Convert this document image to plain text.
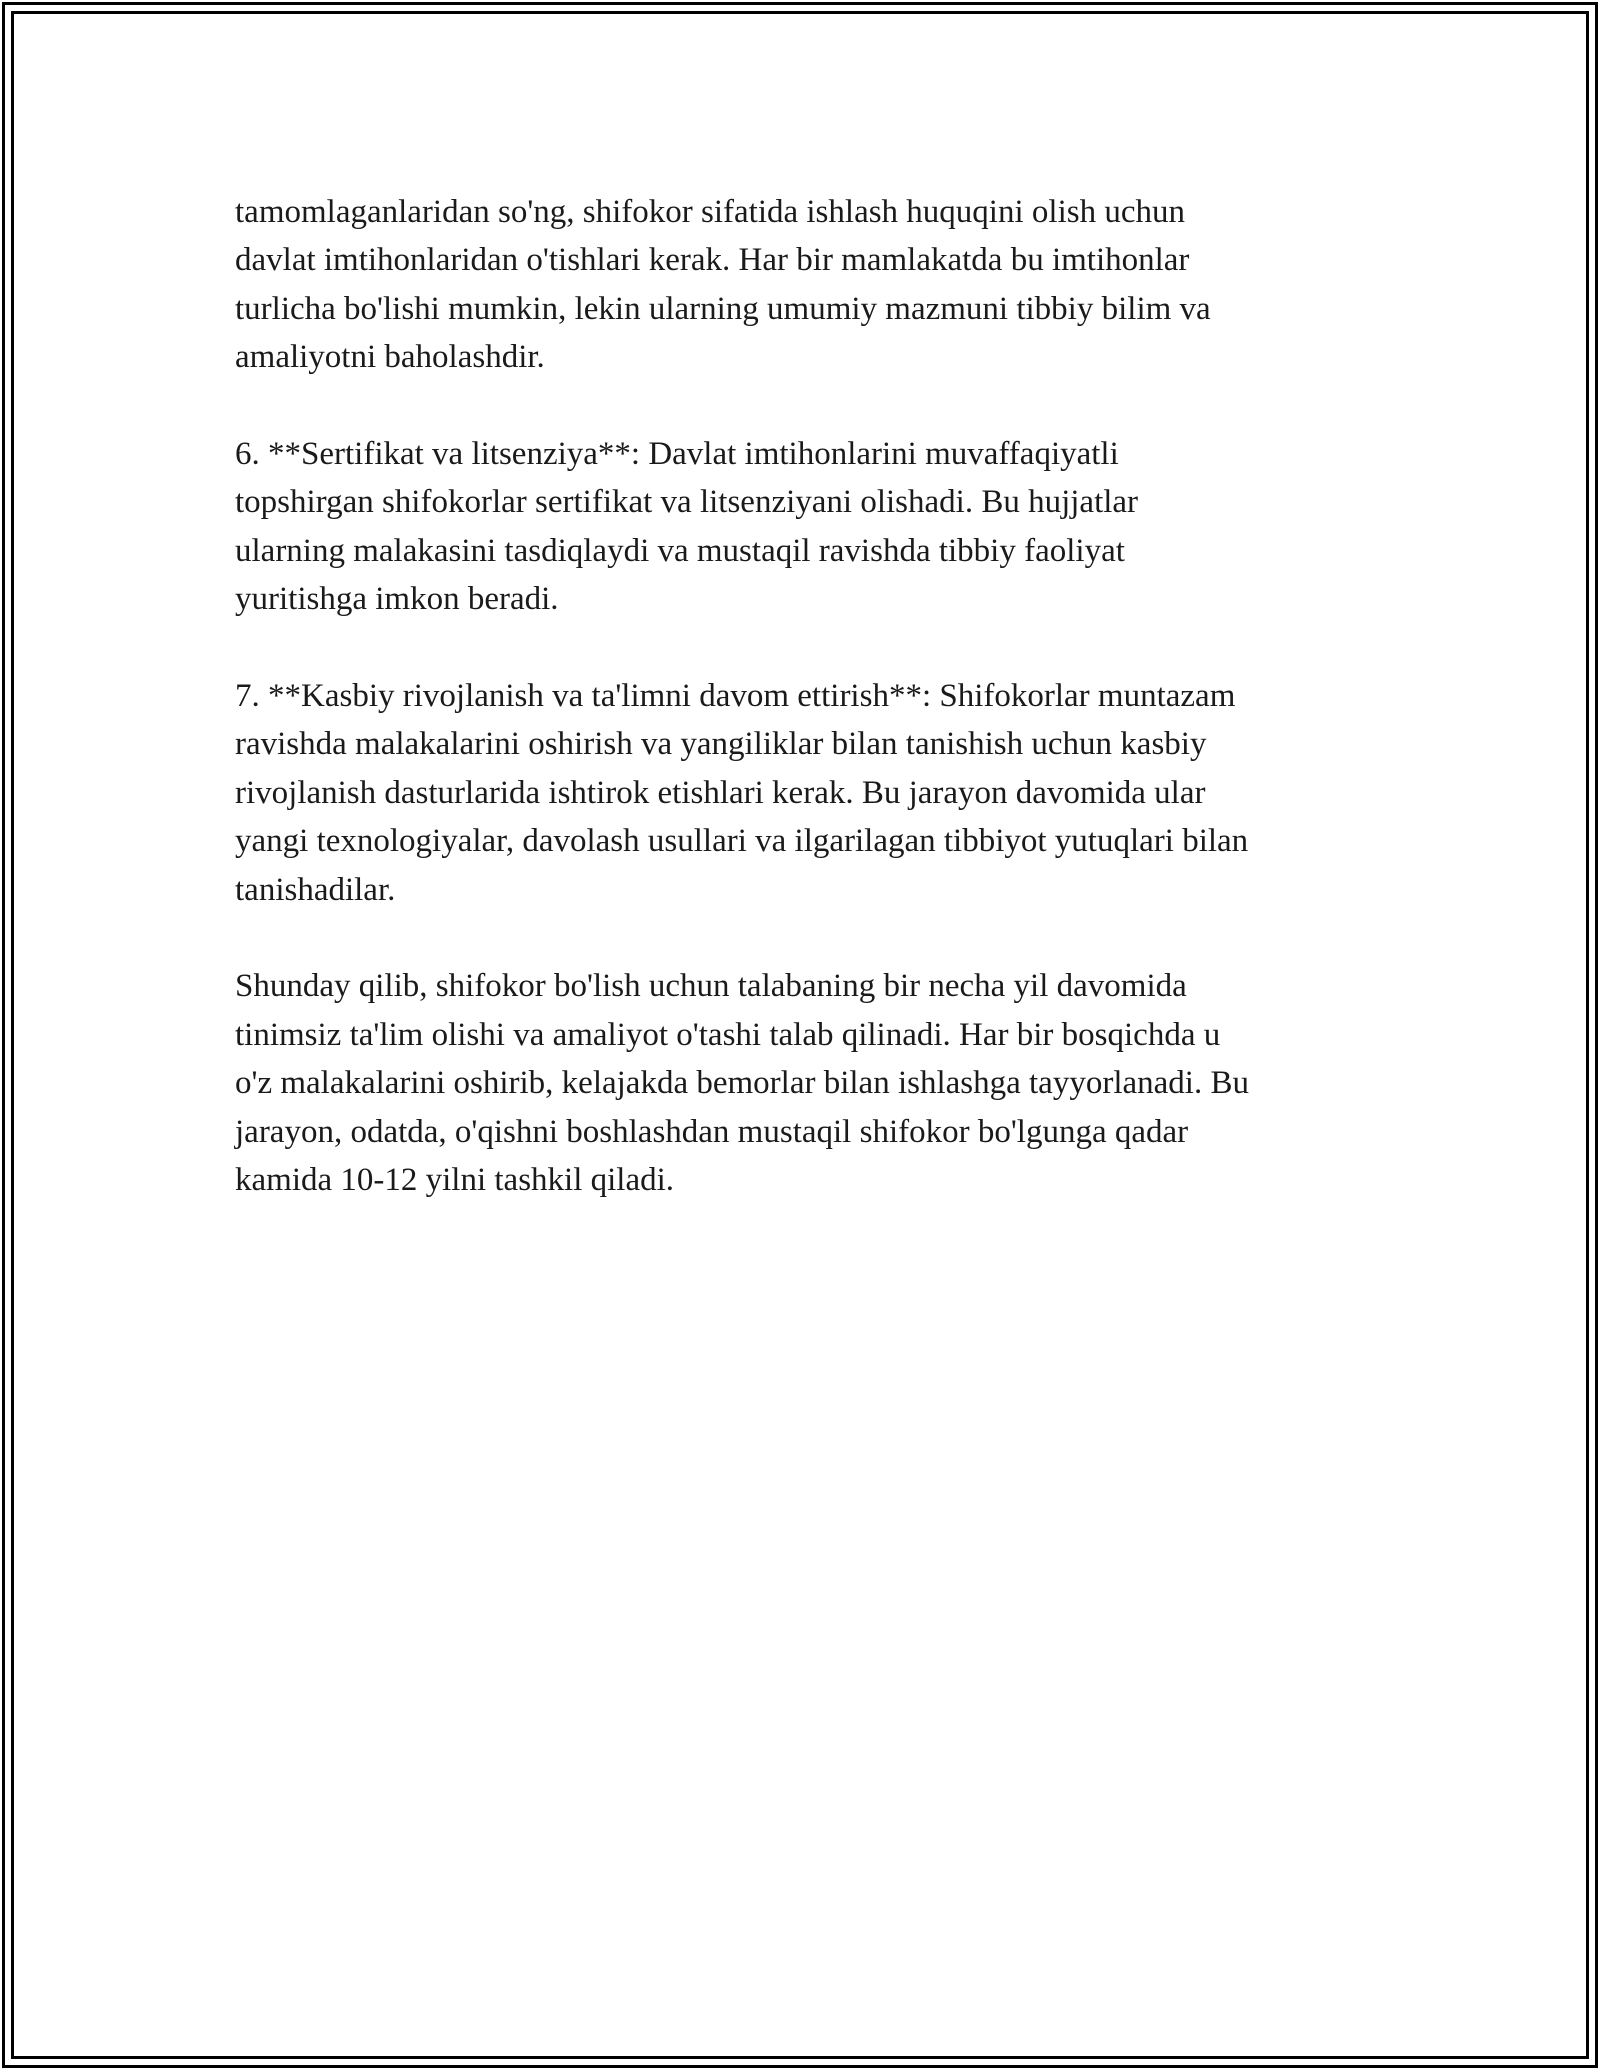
tamomlaganlaridan so'ng, shifokor sifatida ishlash huquqini olish uchun
davlat imtihonlaridan o'tishlari kerak. Har bir mamlakatda bu imtihonlar
turlicha bo'lishi mumkin, lekin ularning umumiy mazmuni tibbiy bilim va
amaliyotni baholashdir.

6. **Sertifikat va litsenziya**: Davlat imtihonlarini muvaffaqiyatli
topshirgan shifokorlar sertifikat va litsenziyani olishadi. Bu hujjatlar
ularning malakasini tasdiqlaydi va mustaqil ravishda tibbiy faoliyat
yuritishga imkon beradi.

7. **Kasbiy rivojlanish va ta'limni davom ettirish**: Shifokorlar muntazam
ravishda malakalarini oshirish va yangiliklar bilan tanishish uchun kasbiy
rivojlanish dasturlarida ishtirok etishlari kerak. Bu jarayon davomida ular
yangi texnologiyalar, davolash usullari va ilgarilagan tibbiyot yutuqlari bilan
tanishadilar.

Shunday qilib, shifokor bo'lish uchun talabaning bir necha yil davomida
tinimsiz ta'lim olishi va amaliyot o'tashi talab qilinadi. Har bir bosqichda u
o'z malakalarini oshirib, kelajakda bemorlar bilan ishlashga tayyorlanadi. Bu
jarayon, odatda, o'qishni boshlashdan mustaqil shifokor bo'lgunga qadar
kamida 10-12 yilni tashkil qiladi.
